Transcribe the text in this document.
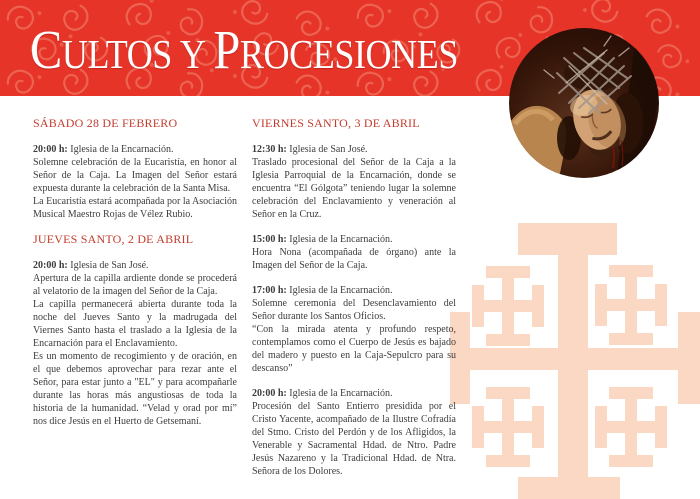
C ULTOS Y P ROCESIONES
SÁBADO 28 DE FEBRERO

20:00 h: Iglesia de la Encarnación.

Solemne celebración de la Eucaristía, en honor al Señor de la Caja. La Imagen del Señor estará expuesta durante la celebración de la Santa Misa.

La Eucaristía estará acompañada por la Asociación Musical Maestro Rojas de Vélez Rubio.

JUEVES SANTO, 2 DE ABRIL

20:00 h: Iglesia de San José.

Apertura de la capilla ardiente donde se procederá al velatorio de la imagen del Señor de la Caja.

La capilla permanecerá abierta durante toda la noche del Jueves Santo y la madrugada del Viernes Santo hasta el traslado a la Iglesia de la Encarnación para el Enclavamiento.

Es un momento de recogimiento y de oración, en el que debemos aprovechar para rezar ante el Señor, para estar junto a "EL" y para acompañarle durante las horas más angustiosas de toda la historia de la humanidad. “Velad y orad por mí” nos dice Jesús en el Huerto de Getsemaní.

VIERNES SANTO, 3 DE ABRIL

12:30 h: Iglesia de San José.

Traslado procesional del Señor de la Caja a la Iglesia Parroquial de la Encarnación, donde se encuentra “El Gólgota” teniendo lugar la solemne celebración del Enclavamiento y veneración al Señor en la Cruz.

15:00 h: Iglesia de la Encarnación.

Hora Nona (acompañada de órgano) ante la Imagen del Señor de la Caja.

17:00 h: Iglesia de la Encarnación.

Solemne ceremonia del Desenclavamiento del Señor durante los Santos Oficios.

“Con la mirada atenta y profundo respeto, contemplamos como el Cuerpo de Jesús es bajado del madero y puesto en la Caja-Sepulcro para su descanso”

20:00 h: Iglesia de la Encarnación.

Procesión del Santo Entierro presidida por el Cristo Yacente, acompañado de la Ilustre Cofradía del Stmo. Cristo del Perdón y de los Afligidos, la Venerable y Sacramental Hdad. de Ntro. Padre Jesús Nazareno y la Tradicional Hdad. de Ntra. Señora de los Dolores.
